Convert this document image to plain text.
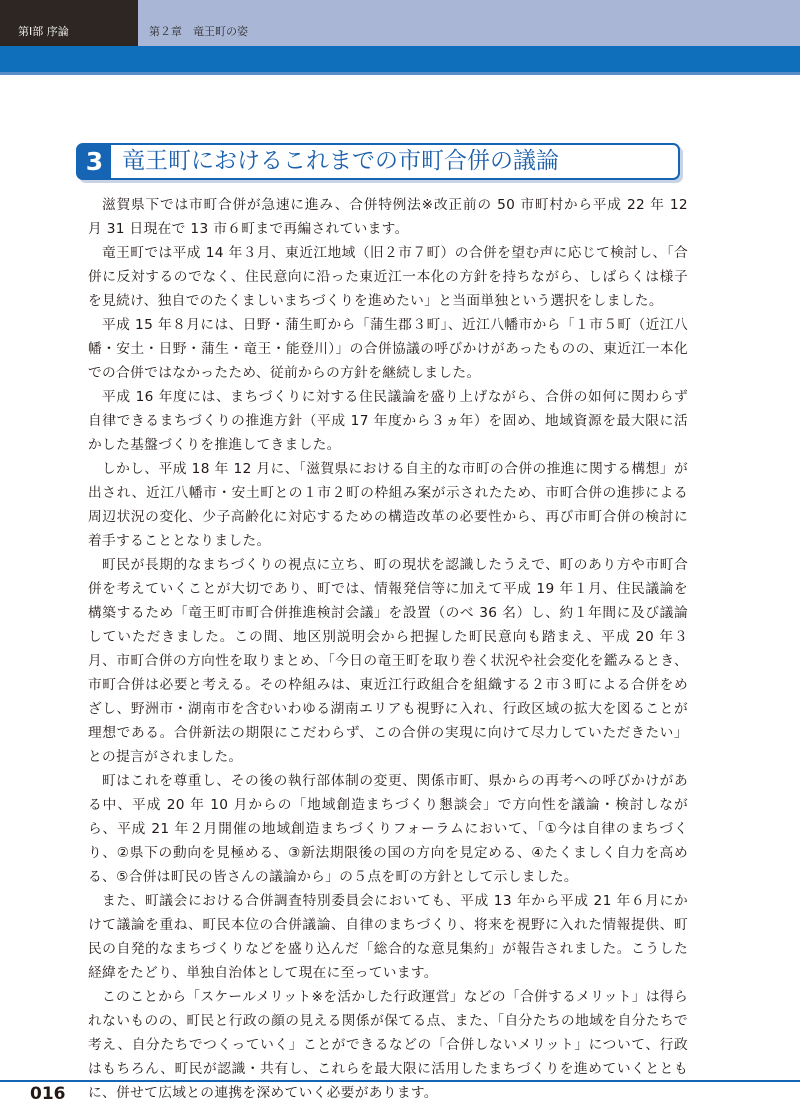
第Ⅰ部 序論	第２章　竜王町の姿
3 竜王町におけるこれまでの市町合併の議論

滋賀県下では市町合併が急速に進み、合併特例法※改正前の 50 市町村から平成 22 年 12 月 31 日現在で 13 市６町まで再編されています。

竜王町では平成 14 年３月、東近江地域（旧２市７町）の合併を望む声に応じて検討し、「合併に反対するのでなく、住民意向に沿った東近江一本化の方針を持ちながら、しばらくは様子を見続け、独自でのたくましいまちづくりを進めたい」と当面単独という選択をしました。

平成 15 年８月には、日野・蒲生町から「蒲生郡３町」、近江八幡市から「１市５町（近江八幡・安土・日野・蒲生・竜王・能登川）」の合併協議の呼びかけがあったものの、東近江一本化での合併ではなかったため、従前からの方針を継続しました。

平成 16 年度には、まちづくりに対する住民議論を盛り上げながら、合併の如何に関わらず自律できるまちづくりの推進方針（平成 17 年度から３ヵ年）を固め、地域資源を最大限に活かした基盤づくりを推進してきました。

しかし、平成 18 年 12 月に、「滋賀県における自主的な市町の合併の推進に関する構想」が出され、近江八幡市・安土町との１市２町の枠組み案が示されたため、市町合併の進捗による周辺状況の変化、少子高齢化に対応するための構造改革の必要性から、再び市町合併の検討に着手することとなりました。

町民が長期的なまちづくりの視点に立ち、町の現状を認識したうえで、町のあり方や市町合併を考えていくことが大切であり、町では、情報発信等に加えて平成 19 年１月、住民議論を構築するため「竜王町市町合併推進検討会議」を設置（のべ 36 名）し、約１年間に及び議論していただきました。この間、地区別説明会から把握した町民意向も踏まえ、平成 20 年３月、市町合併の方向性を取りまとめ、「今日の竜王町を取り巻く状況や社会変化を鑑みるとき、市町合併は必要と考える。その枠組みは、東近江行政組合を組織する２市３町による合併をめざし、野洲市・湖南市を含むいわゆる湖南エリアも視野に入れ、行政区域の拡大を図ることが理想である。合併新法の期限にこだわらず、この合併の実現に向けて尽力していただきたい」との提言がされました。

町はこれを尊重し、その後の執行部体制の変更、関係市町、県からの再考への呼びかけがある中、平成 20 年 10 月からの「地域創造まちづくり懇談会」で方向性を議論・検討しながら、平成 21 年２月開催の地域創造まちづくりフォーラムにおいて、「①今は自律のまちづくり、②県下の動向を見極める、③新法期限後の国の方向を見定める、④たくましく自力を高める、⑤合併は町民の皆さんの議論から」の５点を町の方針として示しました。

また、町議会における合併調査特別委員会においても、平成 13 年から平成 21 年６月にかけて議論を重ね、町民本位の合併議論、自律のまちづくり、将来を視野に入れた情報提供、町民の自発的なまちづくりなどを盛り込んだ「総合的な意見集約」が報告されました。こうした経緯をたどり、単独自治体として現在に至っています。

このことから「スケールメリット※を活かした行政運営」などの「合併するメリット」は得られないものの、町民と行政の顔の見える関係が保てる点、また、「自分たちの地域を自分たちで考え、自分たちでつくっていく」ことができるなどの「合併しないメリット」について、行政はもちろん、町民が認識・共有し、これらを最大限に活用したまちづくりを進めていくとともに、併せて広域との連携を深めていく必要があります。

016
